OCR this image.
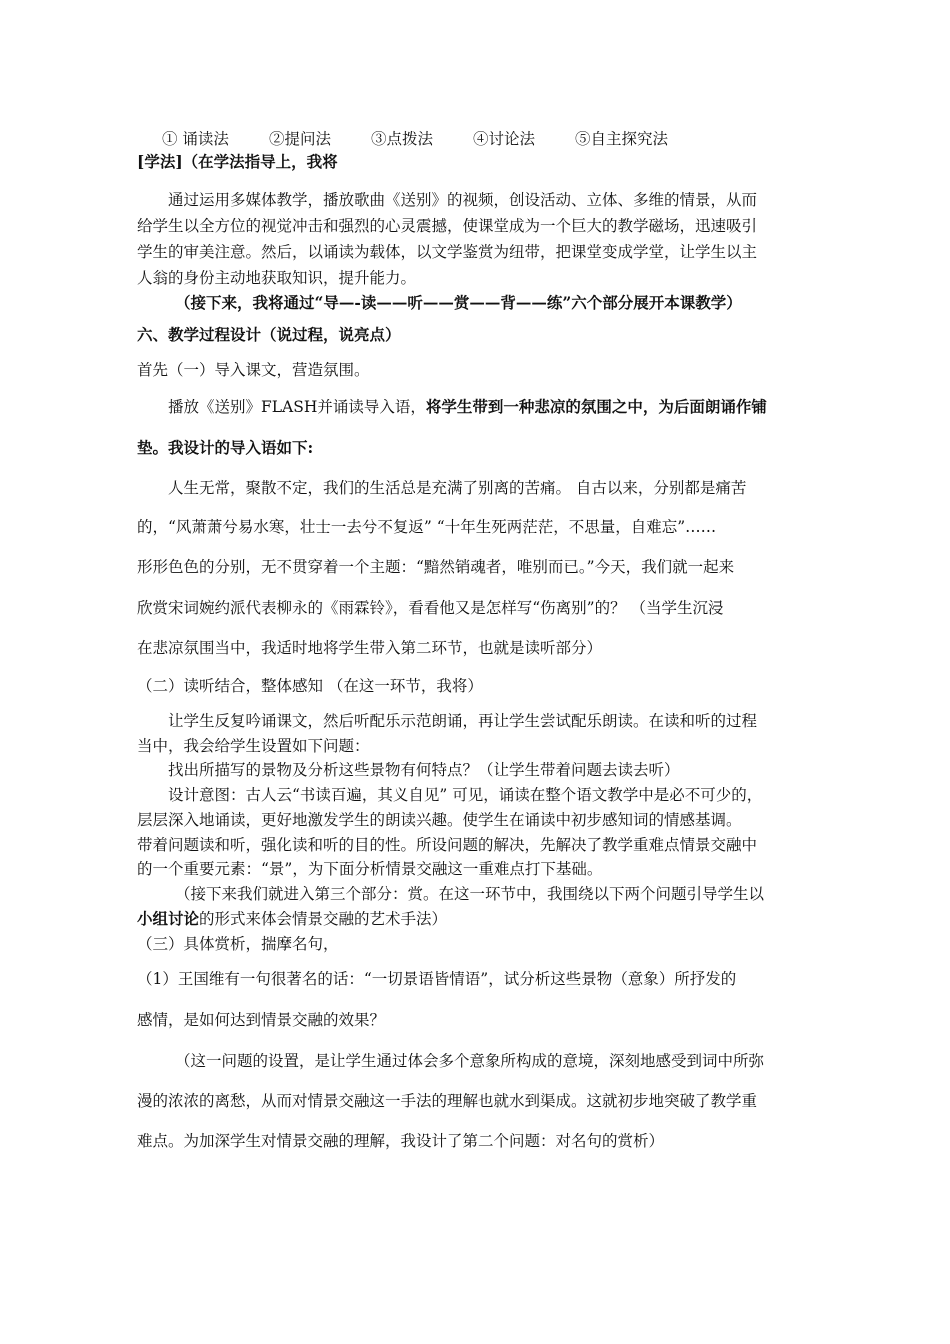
① 诵读法	②提问法	③点拨法	④讨论法	⑤自主探究法
[学法]（在学法指导上，我将
通过运用多媒体教学，播放歌曲《送别》的视频，创设活动、立体、多维的情景，从而
给学生以全方位的视觉冲击和强烈的心灵震撼，使课堂成为一个巨大的教学磁场，迅速吸引
学生的审美注意。然后，以诵读为载体，以文学鉴赏为纽带，把课堂变成学堂，让学生以主
人翁的身份主动地获取知识，提升能力。
（接下来，我将通过“导—-读——听——赏——背——练”六个部分展开本课教学）
六、教学过程设计（说过程，说亮点）
首先（一）导入课文，营造氛围。
播放《送别》FLASH并诵读导入语，将学生带到一种悲凉的氛围之中，为后面朗诵作铺
垫。我设计的导入语如下:
人生无常，聚散不定，我们的生活总是充满了别离的苦痛。 自古以来，分别都是痛苦
的，“风萧萧兮易水寒，壮士一去兮不复返” “十年生死两茫茫，不思量，自难忘”……
形形色色的分别，无不贯穿着一个主题：“黯然销魂者，唯别而已。”今天，我们就一起来
欣赏宋词婉约派代表柳永的《雨霖铃》，看看他又是怎样写“伤离别”的？ （当学生沉浸
在悲凉氛围当中，我适时地将学生带入第二环节，也就是读听部分）
（二）读听结合，整体感知 （在这一环节，我将）
让学生反复吟诵课文，然后听配乐示范朗诵，再让学生尝试配乐朗读。在读和听的过程
当中，我会给学生设置如下问题：
找出所描写的景物及分析这些景物有何特点？（让学生带着问题去读去听）
设计意图：古人云“书读百遍，其义自见” 可见，诵读在整个语文教学中是必不可少的，
层层深入地诵读，更好地激发学生的朗读兴趣。使学生在诵读中初步感知词的情感基调。
带着问题读和听，强化读和听的目的性。所设问题的解决，先解决了教学重难点情景交融中
的一个重要元素：“景”，为下面分析情景交融这一重难点打下基础。
（接下来我们就进入第三个部分：赏。在这一环节中，我围绕以下两个问题引导学生以
小组讨论的形式来体会情景交融的艺术手法）
（三）具体赏析，揣摩名句，
（1）王国维有一句很著名的话：“一切景语皆情语”，试分析这些景物（意象）所抒发的
感情，是如何达到情景交融的效果？
（这一问题的设置，是让学生通过体会多个意象所构成的意境，深刻地感受到词中所弥
漫的浓浓的离愁，从而对情景交融这一手法的理解也就水到渠成。这就初步地突破了教学重
难点。为加深学生对情景交融的理解，我设计了第二个问题：对名句的赏析）
